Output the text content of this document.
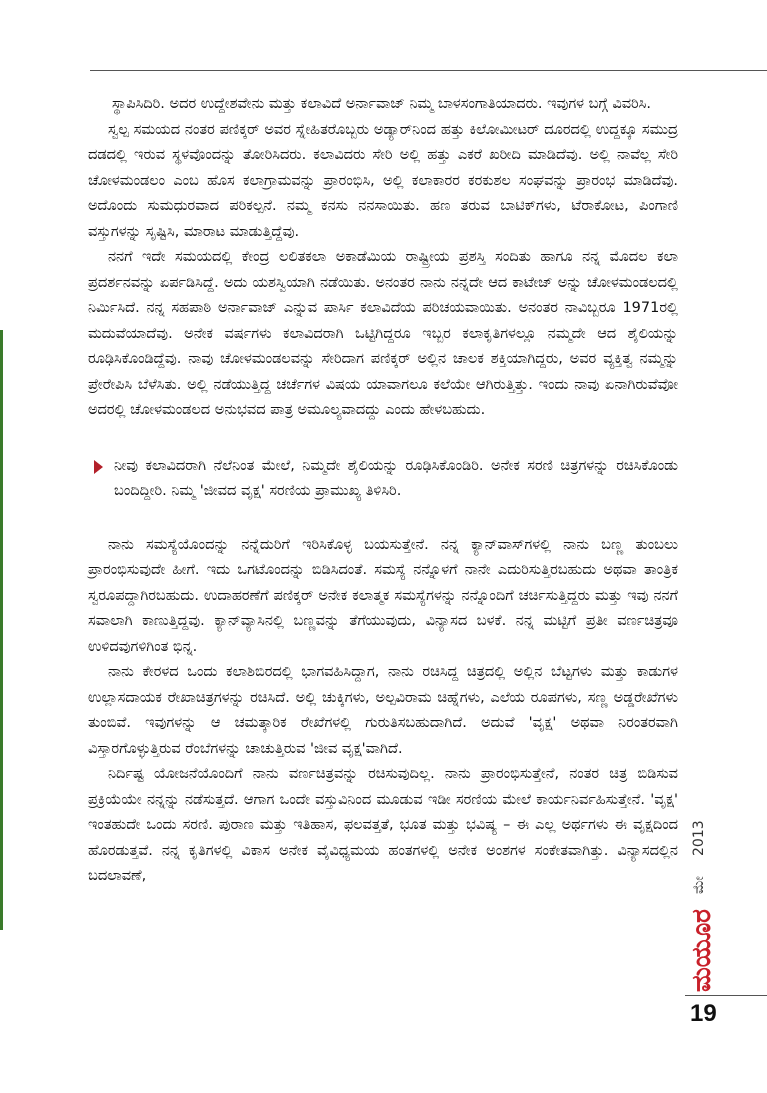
ಸ್ಥಾಪಿಸಿದಿರಿ. ಅದರ ಉದ್ದೇಶವೇನು ಮತ್ತು ಕಲಾವಿದೆ ಅರ್ನಾವಾಜ್ ನಿಮ್ಮ ಬಾಳಸಂಗಾತಿಯಾದರು. ಇವುಗಳ ಬಗ್ಗೆ ವಿವರಿಸಿ.

ಸ್ವಲ್ಪ ಸಮಯದ ನಂತರ ಪಣಿಕ್ಕರ್ ಅವರ ಸ್ನೇಹಿತರೊಬ್ಬರು ಅಡ್ಯಾರ್‌ನಿಂದ ಹತ್ತು ಕಿಲೋಮೀಟರ್ ದೂರದಲ್ಲಿ ಉದ್ದಕ್ಕೂ ಸಮುದ್ರ ದಡದಲ್ಲಿ ಇರುವ ಸ್ಥಳವೊಂದನ್ನು ತೋರಿಸಿದರು. ಕಲಾವಿದರು ಸೇರಿ ಅಲ್ಲಿ ಹತ್ತು ಎಕರೆ ಖರೀದಿ ಮಾಡಿದೆವು. ಅಲ್ಲಿ ನಾವೆಲ್ಲ ಸೇರಿ ಚೋಳಮಂಡಲಂ ಎಂಬ ಹೊಸ ಕಲಾಗ್ರಾಮವನ್ನು ಪ್ರಾರಂಭಿಸಿ, ಅಲ್ಲಿ ಕಲಾಕಾರರ ಕರಕುಶಲ ಸಂಘವನ್ನು ಪ್ರಾರಂಭ ಮಾಡಿದೆವು. ಅದೊಂದು ಸುಮಧುರವಾದ ಪರಿಕಲ್ಪನೆ. ನಮ್ಮ ಕನಸು ನನಸಾಯಿತು. ಹಣ ತರುವ ಬಾಟಿಕ್‌ಗಳು, ಟೆರಾಕೋಟ, ಪಿಂಗಾಣಿ ವಸ್ತುಗಳನ್ನು ಸೃಷ್ಟಿಸಿ, ಮಾರಾಟ ಮಾಡುತ್ತಿದ್ದೆವು.

ನನಗೆ ಇದೇ ಸಮಯದಲ್ಲಿ ಕೇಂದ್ರ ಲಲಿತಕಲಾ ಅಕಾಡೆಮಿಯ ರಾಷ್ಟ್ರೀಯ ಪ್ರಶಸ್ತಿ ಸಂದಿತು ಹಾಗೂ ನನ್ನ ಮೊದಲ ಕಲಾ ಪ್ರದರ್ಶನವನ್ನು ಏರ್ಪಡಿಸಿದ್ದೆ. ಅದು ಯಶಸ್ವಿಯಾಗಿ ನಡೆಯಿತು. ಅನಂತರ ನಾನು ನನ್ನದೇ ಆದ ಕಾಟೇಜ್ ಅನ್ನು ಚೋಳಮಂಡಲದಲ್ಲಿ ನಿರ್ಮಿಸಿದೆ. ನನ್ನ ಸಹಪಾಠಿ ಅರ್ನಾವಾಜ್ ಎನ್ನುವ ಪಾರ್ಸಿ ಕಲಾವಿದೆಯ ಪರಿಚಯವಾಯಿತು. ಅನಂತರ ನಾವಿಬ್ಬರೂ 1971ರಲ್ಲಿ ಮದುವೆಯಾದೆವು. ಅನೇಕ ವರ್ಷಗಳು ಕಲಾವಿದರಾಗಿ ಒಟ್ಟಿಗಿದ್ದರೂ ಇಬ್ಬರ ಕಲಾಕೃತಿಗಳಲ್ಲೂ ನಮ್ಮದೇ ಆದ ಶೈಲಿಯನ್ನು ರೂಢಿಸಿಕೊಂಡಿದ್ದೆವು. ನಾವು ಚೋಳಮಂಡಲವನ್ನು ಸೇರಿದಾಗ ಪಣಿಕ್ಕರ್ ಅಲ್ಲಿನ ಚಾಲಕ ಶಕ್ತಿಯಾಗಿದ್ದರು, ಅವರ ವ್ಯಕ್ತಿತ್ವ ನಮ್ಮನ್ನು ಪ್ರೇರೇಪಿಸಿ ಬೆಳೆಸಿತು. ಅಲ್ಲಿ ನಡೆಯುತ್ತಿದ್ದ ಚರ್ಚೆಗಳ ವಿಷಯ ಯಾವಾಗಲೂ ಕಲೆಯೇ ಆಗಿರುತ್ತಿತ್ತು. ಇಂದು ನಾವು ಏನಾಗಿರುವೆವೋ ಅದರಲ್ಲಿ ಚೋಳಮಂಡಲದ ಅನುಭವದ ಪಾತ್ರ ಅಮೂಲ್ಯವಾದದ್ದು ಎಂದು ಹೇಳಬಹುದು.

ನೀವು ಕಲಾವಿದರಾಗಿ ನೆಲೆನಿಂತ ಮೇಲೆ, ನಿಮ್ಮದೇ ಶೈಲಿಯನ್ನು ರೂಢಿಸಿಕೊಂಡಿರಿ. ಅನೇಕ ಸರಣಿ ಚಿತ್ರಗಳನ್ನು ರಚಿಸಿಕೊಂಡು ಬಂದಿದ್ದೀರಿ. ನಿಮ್ಮ 'ಜೀವದ ವೃಕ್ಷ' ಸರಣಿಯ ಪ್ರಾಮುಖ್ಯ ತಿಳಿಸಿರಿ.

ನಾನು ಸಮಸ್ಯೆಯೊಂದನ್ನು ನನ್ನೆದುರಿಗೆ ಇರಿಸಿಕೊಳ್ಳ ಬಯಸುತ್ತೇನೆ. ನನ್ನ ಕ್ಯಾನ್‌ವಾಸ್‌ಗಳಲ್ಲಿ ನಾನು ಬಣ್ಣ ತುಂಬಲು ಪ್ರಾರಂಭಿಸುವುದೇ ಹೀಗೆ. ಇದು ಒಗಟೊಂದನ್ನು ಬಿಡಿಸಿದಂತೆ. ಸಮಸ್ಯೆ ನನ್ನೊಳಗೆ ನಾನೇ ಎದುರಿಸುತ್ತಿರಬಹುದು ಅಥವಾ ತಾಂತ್ರಿಕ ಸ್ವರೂಪದ್ದಾಗಿರಬಹುದು. ಉದಾಹರಣೆಗೆ ಪಣಿಕ್ಕರ್ ಅನೇಕ ಕಲಾತ್ಮಕ ಸಮಸ್ಯೆಗಳನ್ನು ನನ್ನೊಂದಿಗೆ ಚರ್ಚಿಸುತ್ತಿದ್ದರು ಮತ್ತು ಇವು ನನಗೆ ಸವಾಲಾಗಿ ಕಾಣುತ್ತಿದ್ದವು. ಕ್ಯಾನ್‌ವ್ಯಾಸಿನಲ್ಲಿ ಬಣ್ಣವನ್ನು ತೆಗೆಯುವುದು, ವಿನ್ಯಾಸದ ಬಳಕೆ. ನನ್ನ ಮಟ್ಟಿಗೆ ಪ್ರತೀ ವರ್ಣಚಿತ್ರವೂ ಉಳಿದವುಗಳಿಗಿಂತ ಭಿನ್ನ.

ನಾನು ಕೇರಳದ ಒಂದು ಕಲಾಶಿಬಿರದಲ್ಲಿ ಭಾಗವಹಿಸಿದ್ದಾಗ, ನಾನು ರಚಿಸಿದ್ದ ಚಿತ್ರದಲ್ಲಿ ಅಲ್ಲಿನ ಬೆಟ್ಟಗಳು ಮತ್ತು ಕಾಡುಗಳ ಉಲ್ಲಾಸದಾಯಕ ರೇಖಾಚಿತ್ರಗಳನ್ನು ರಚಿಸಿದೆ. ಅಲ್ಲಿ ಚುಕ್ಕಿಗಳು, ಅಲ್ಪವಿರಾಮ ಚಿಹ್ನೆಗಳು, ಎಲೆಯ ರೂಪಗಳು, ಸಣ್ಣ ಅಡ್ಡರೇಖೆಗಳು ತುಂಬಿವೆ. ಇವುಗಳನ್ನು ಆ ಚಮತ್ಕಾರಿಕ ರೇಖೆಗಳಲ್ಲಿ ಗುರುತಿಸಬಹುದಾಗಿದೆ. ಅದುವೆ 'ವೃಕ್ಷ' ಅಥವಾ ನಿರಂತರವಾಗಿ ವಿಸ್ತಾರಗೊಳ್ಳುತ್ತಿರುವ ರೆಂಬೆಗಳನ್ನು ಚಾಚುತ್ತಿರುವ 'ಜೀವ ವೃಕ್ಷ'ವಾಗಿದೆ.

ನಿರ್ದಿಷ್ಟ ಯೋಜನೆಯೊಂದಿಗೆ ನಾನು ವರ್ಣಚಿತ್ರವನ್ನು ರಚಿಸುವುದಿಲ್ಲ. ನಾನು ಪ್ರಾರಂಭಿಸುತ್ತೇನೆ, ನಂತರ ಚಿತ್ರ ಬಿಡಿಸುವ ಪ್ರಕ್ರಿಯೆಯೇ ನನ್ನನ್ನು ನಡೆಸುತ್ತದೆ. ಆಗಾಗ ಒಂದೇ ವಸ್ತುವಿನಿಂದ ಮೂಡುವ ಇಡೀ ಸರಣಿಯ ಮೇಲೆ ಕಾರ್ಯನಿರ್ವಹಿಸುತ್ತೇನೆ. 'ವೃಕ್ಷ' ಇಂತಹುದೇ ಒಂದು ಸರಣಿ. ಪುರಾಣ ಮತ್ತು ಇತಿಹಾಸ, ಫಲವತ್ತತೆ, ಭೂತ ಮತ್ತು ಭವಿಷ್ಯ – ಈ ಎಲ್ಲ ಅರ್ಥಗಳು ಈ ವೃಕ್ಷದಿಂದ ಹೊರಡುತ್ತವೆ. ನನ್ನ ಕೃತಿಗಳಲ್ಲಿ ವಿಕಾಸ ಅನೇಕ ವೈವಿಧ್ಯಮಯ ಹಂತಗಳಲ್ಲಿ ಅನೇಕ ಅಂಶಗಳ ಸಂಕೇತವಾಗಿತ್ತು. ವಿನ್ಯಾಸದಲ್ಲಿನ ಬದಲಾವಣೆ,

2013
ಮೇ
ಮಯೂರ
19
